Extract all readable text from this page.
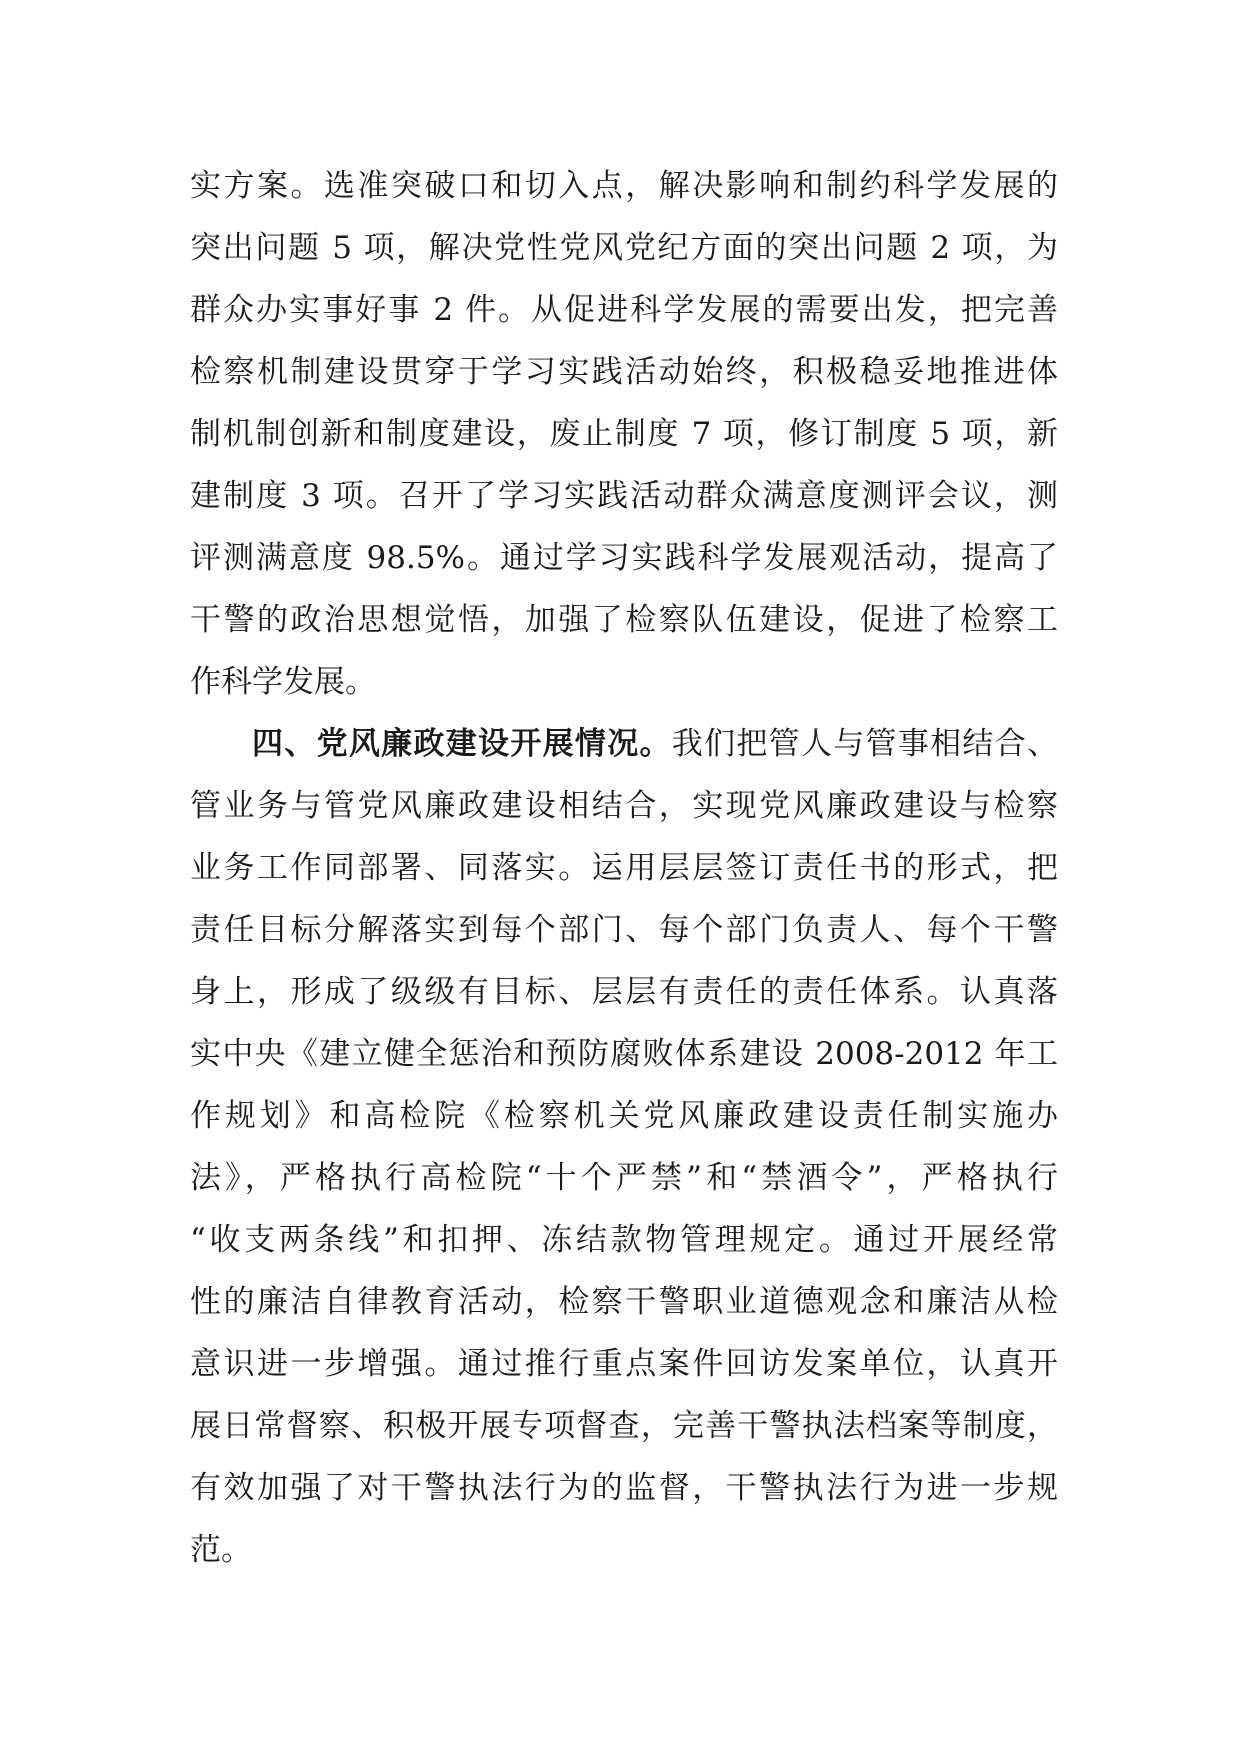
实方案。选准突破口和切入点，解决影响和制约科学发展的
突出问题 5 项，解决党性党风党纪方面的突出问题 2 项，为
群众办实事好事 2 件。从促进科学发展的需要出发，把完善
检察机制建设贯穿于学习实践活动始终，积极稳妥地推进体
制机制创新和制度建设，废止制度 7 项，修订制度 5 项，新
建制度 3 项。召开了学习实践活动群众满意度测评会议，测
评测满意度 98.5%。通过学习实践科学发展观活动，提高了
干警的政治思想觉悟，加强了检察队伍建设，促进了检察工
作科学发展。
四、党风廉政建设开展情况。我们把管人与管事相结合、
管业务与管党风廉政建设相结合，实现党风廉政建设与检察
业务工作同部署、同落实。运用层层签订责任书的形式，把
责任目标分解落实到每个部门、每个部门负责人、每个干警
身上，形成了级级有目标、层层有责任的责任体系。认真落
实中央《建立健全惩治和预防腐败体系建设 2008-2012 年工
作规划》和高检院《检察机关党风廉政建设责任制实施办
法》，严格执行高检院“十个严禁”和“禁酒令”，严格执行
“收支两条线”和扣押、冻结款物管理规定。通过开展经常
性的廉洁自律教育活动，检察干警职业道德观念和廉洁从检
意识进一步增强。通过推行重点案件回访发案单位，认真开
展日常督察、积极开展专项督查，完善干警执法档案等制度，
有效加强了对干警执法行为的监督，干警执法行为进一步规
范。
